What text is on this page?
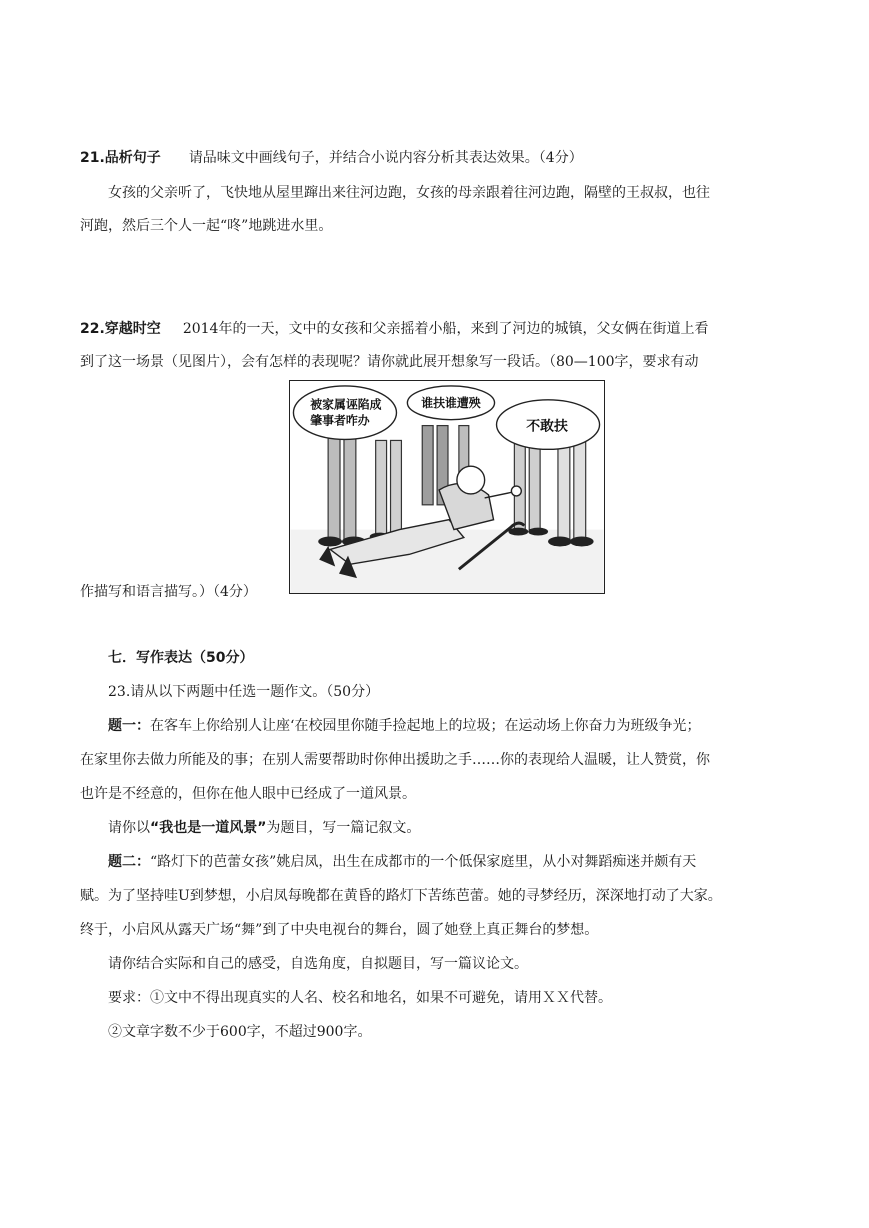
21.品析句子 请品味文中画线句子，并结合小说内容分析其表达效果。（4分）
女孩的父亲听了，飞快地从屋里蹿出来往河边跑，女孩的母亲跟着往河边跑，隔壁的王叔叔，也往
河跑，然后三个人一起“咚”地跳进水里。
22.穿越时空 2014年的一天，文中的女孩和父亲摇着小船，来到了河边的城镇，父女俩在街道上看
到了这一场景（见图片），会有怎样的表现呢？请你就此展开想象写一段话。（80—100字，要求有动
被家属诬陷成
肇事者咋办
谁扶谁遭殃
不敢扶
作描写和语言描写。）（4分）
七．写作表达（50分）
23.请从以下两题中任选一题作文。（50分）
题一：在客车上你给别人让座‘在校园里你随手捡起地上的垃圾；在运动场上你奋力为班级争光；
在家里你去做力所能及的事；在别人需要帮助时你伸出援助之手……你的表现给人温暖，让人赞赏，你
也许是不经意的，但你在他人眼中已经成了一道风景。
请你以“我也是一道风景”为题目，写一篇记叙文。
题二：“路灯下的芭蕾女孩”姚启凤，出生在成都市的一个低保家庭里，从小对舞蹈痴迷并颇有天
赋。为了坚持哇U到梦想，小启凤每晚都在黄昏的路灯下苦练芭蕾。她的寻梦经历，深深地打动了大家。
终于，小启风从露天广场“舞”到了中央电视台的舞台，圆了她登上真正舞台的梦想。
请你结合实际和自己的感受，自选角度，自拟题目，写一篇议论文。
要求：①文中不得出现真实的人名、校名和地名，如果不可避免，请用ＸＸ代替。
②文章字数不少于600字，不超过900字。
